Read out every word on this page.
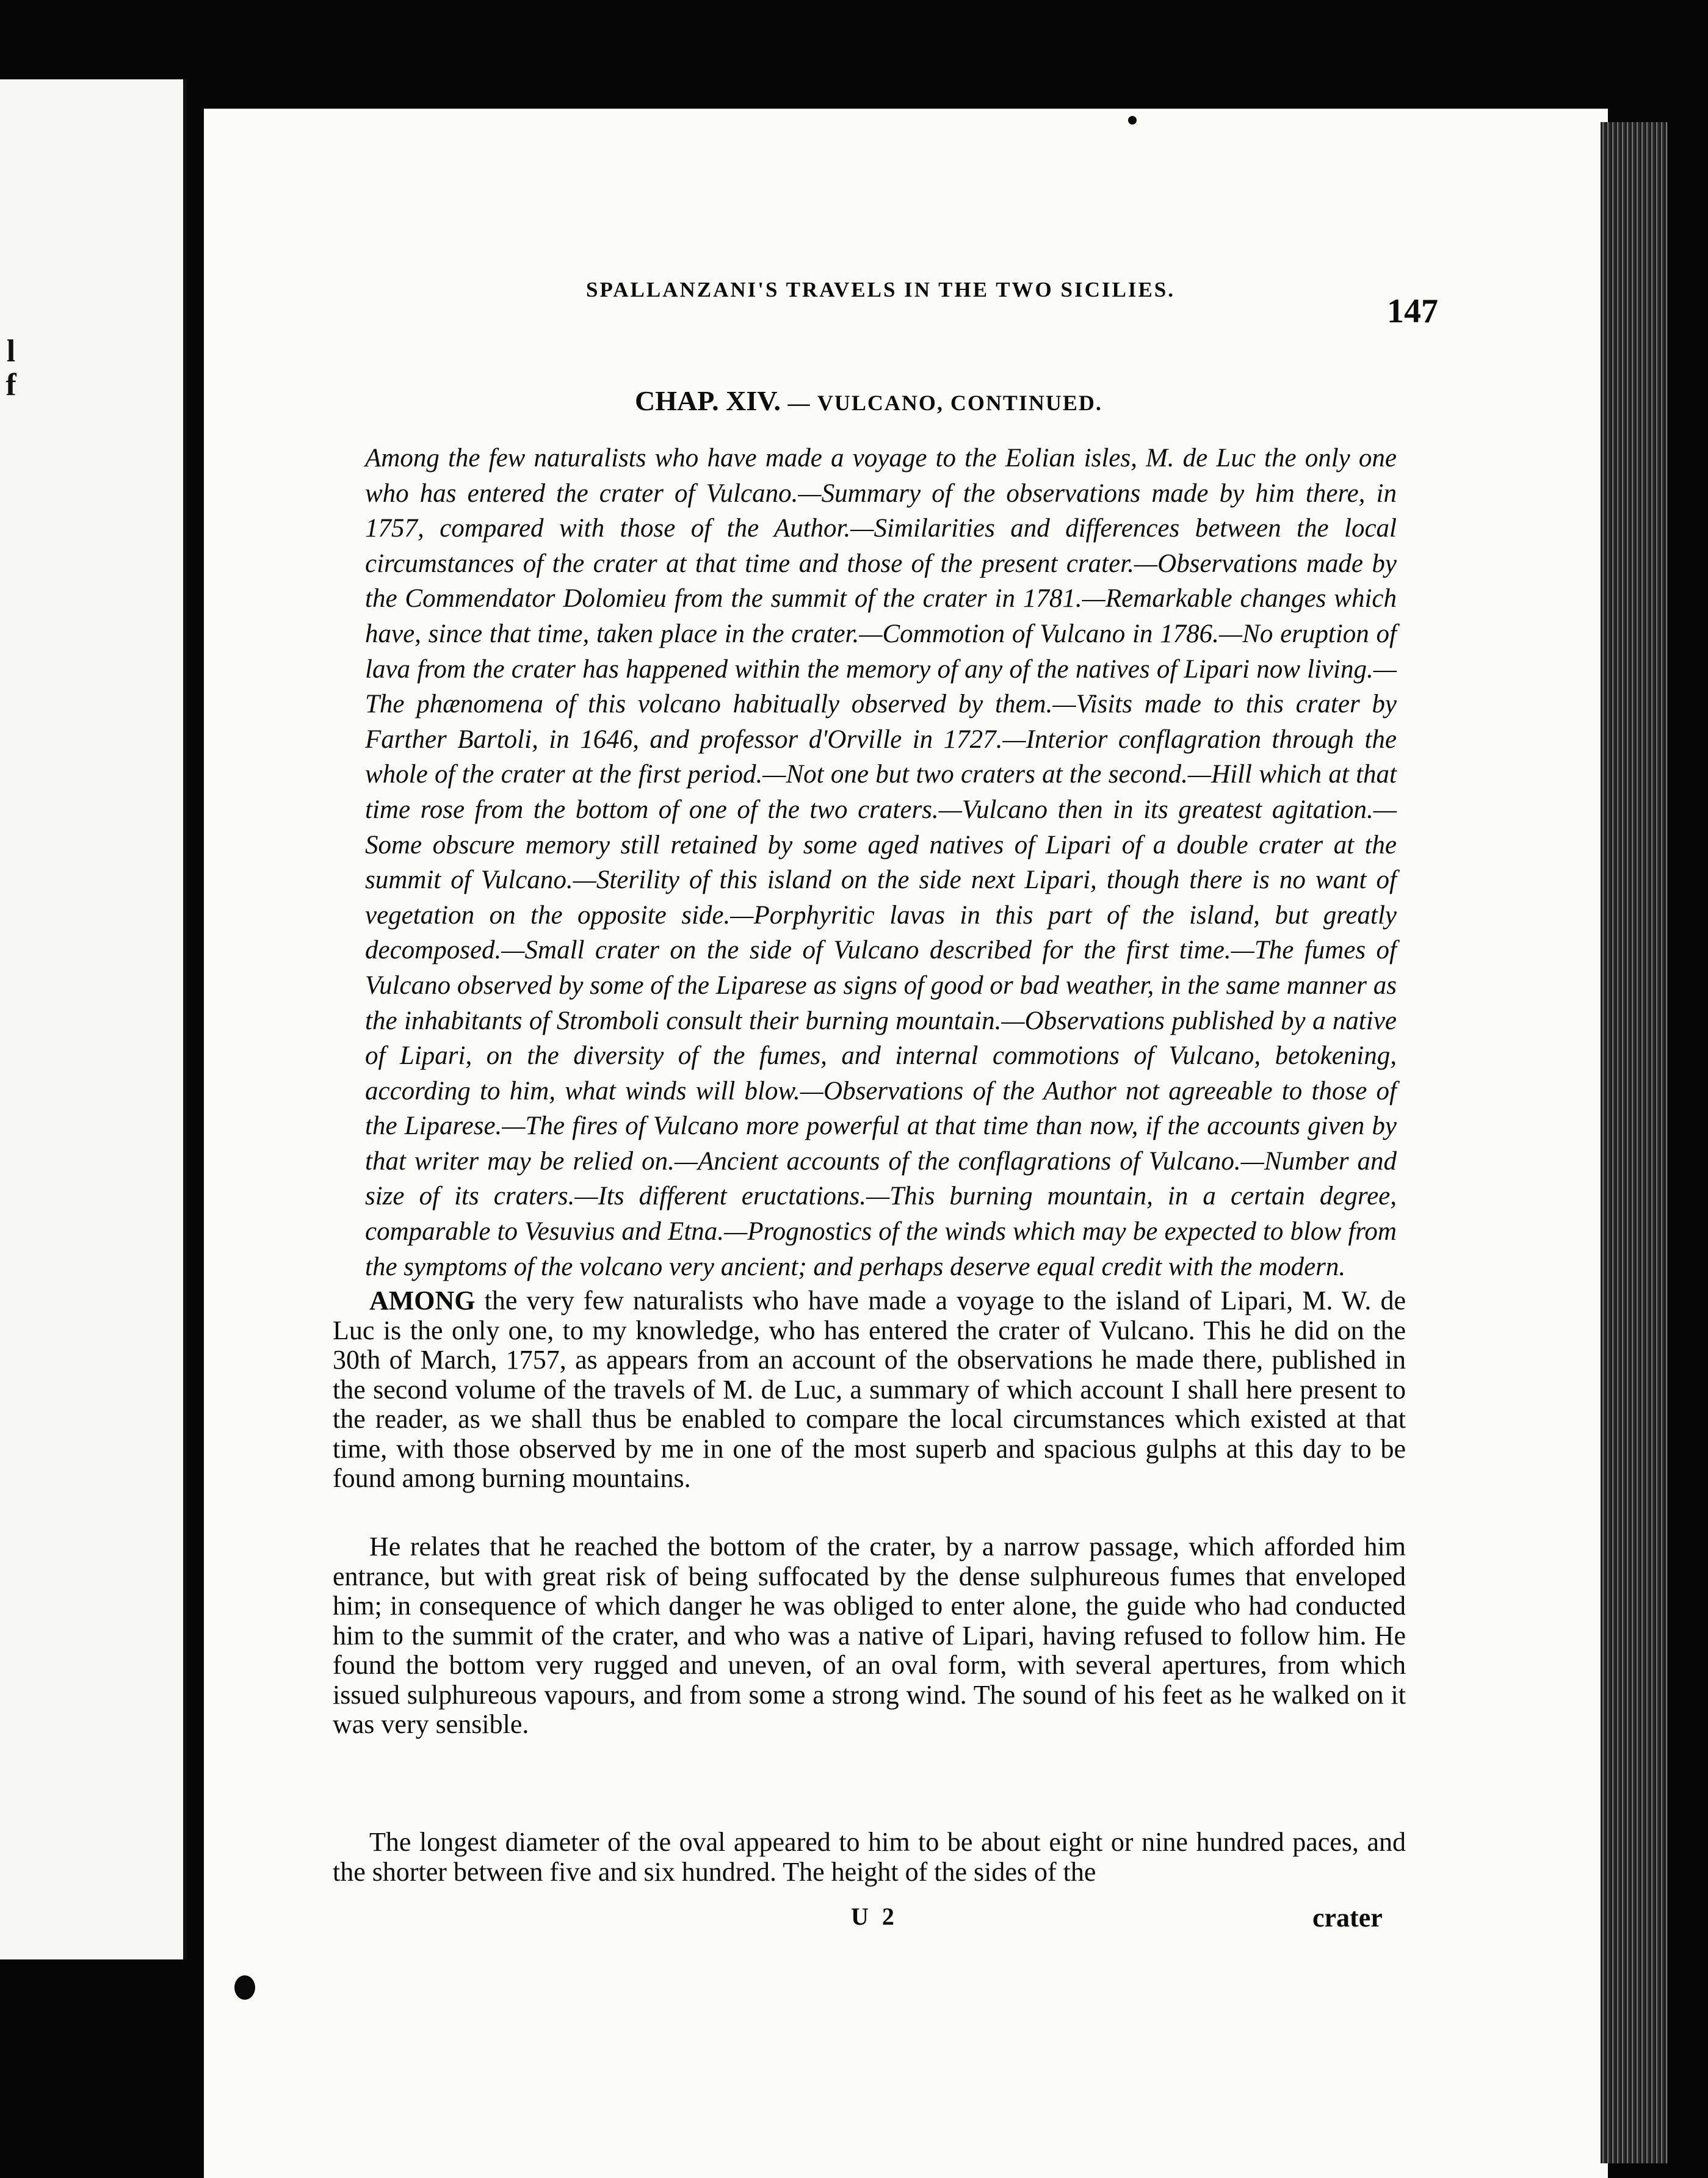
l
f
SPALLANZANI'S TRAVELS IN THE TWO SICILIES.
147
CHAP. XIV. — VULCANO, CONTINUED.
Among the few naturalists who have made a voyage to the Eolian isles, M. de Luc the only one who has entered the crater of Vulcano.—Summary of the observations made by him there, in 1757, compared with those of the Author.—Similarities and differences between the local circumstances of the crater at that time and those of the present crater.—Observations made by the Commendator Dolomieu from the summit of the crater in 1781.—Remarkable changes which have, since that time, taken place in the crater.—Commotion of Vulcano in 1786.—No eruption of lava from the crater has happened within the memory of any of the natives of Lipari now living.—The phænomena of this volcano habitually observed by them.—Visits made to this crater by Farther Bartoli, in 1646, and professor d'Orville in 1727.—Interior conflagration through the whole of the crater at the first period.—Not one but two craters at the second.—Hill which at that time rose from the bottom of one of the two craters.—Vulcano then in its greatest agitation.—Some obscure memory still retained by some aged natives of Lipari of a double crater at the summit of Vulcano.—Sterility of this island on the side next Lipari, though there is no want of vegetation on the opposite side.—Porphyritic lavas in this part of the island, but greatly decomposed.—Small crater on the side of Vulcano described for the first time.—The fumes of Vulcano observed by some of the Liparese as signs of good or bad weather, in the same manner as the inhabitants of Stromboli consult their burning mountain.—Observations published by a native of Lipari, on the diversity of the fumes, and internal commotions of Vulcano, betokening, according to him, what winds will blow.—Observations of the Author not agreeable to those of the Liparese.—The fires of Vulcano more powerful at that time than now, if the accounts given by that writer may be relied on.—Ancient accounts of the conflagrations of Vulcano.—Number and size of its craters.—Its different eructations.—This burning mountain, in a certain degree, comparable to Vesuvius and Etna.—Prognostics of the winds which may be expected to blow from the symptoms of the volcano very ancient; and perhaps deserve equal credit with the modern.
AMONG the very few naturalists who have made a voyage to the island of Lipari, M. W. de Luc is the only one, to my knowledge, who has entered the crater of Vulcano. This he did on the 30th of March, 1757, as appears from an account of the observations he made there, published in the second volume of the travels of M. de Luc, a summary of which account I shall here present to the reader, as we shall thus be enabled to compare the local circumstances which existed at that time, with those observed by me in one of the most superb and spacious gulphs at this day to be found among burning mountains.
He relates that he reached the bottom of the crater, by a narrow passage, which afforded him entrance, but with great risk of being suffocated by the dense sulphureous fumes that enveloped him; in consequence of which danger he was obliged to enter alone, the guide who had conducted him to the summit of the crater, and who was a native of Lipari, having refused to follow him. He found the bottom very rugged and uneven, of an oval form, with several apertures, from which issued sulphureous vapours, and from some a strong wind. The sound of his feet as he walked on it was very sensible.
The longest diameter of the oval appeared to him to be about eight or nine hundred paces, and the shorter between five and six hundred. The height of the sides of the
U 2	crater
